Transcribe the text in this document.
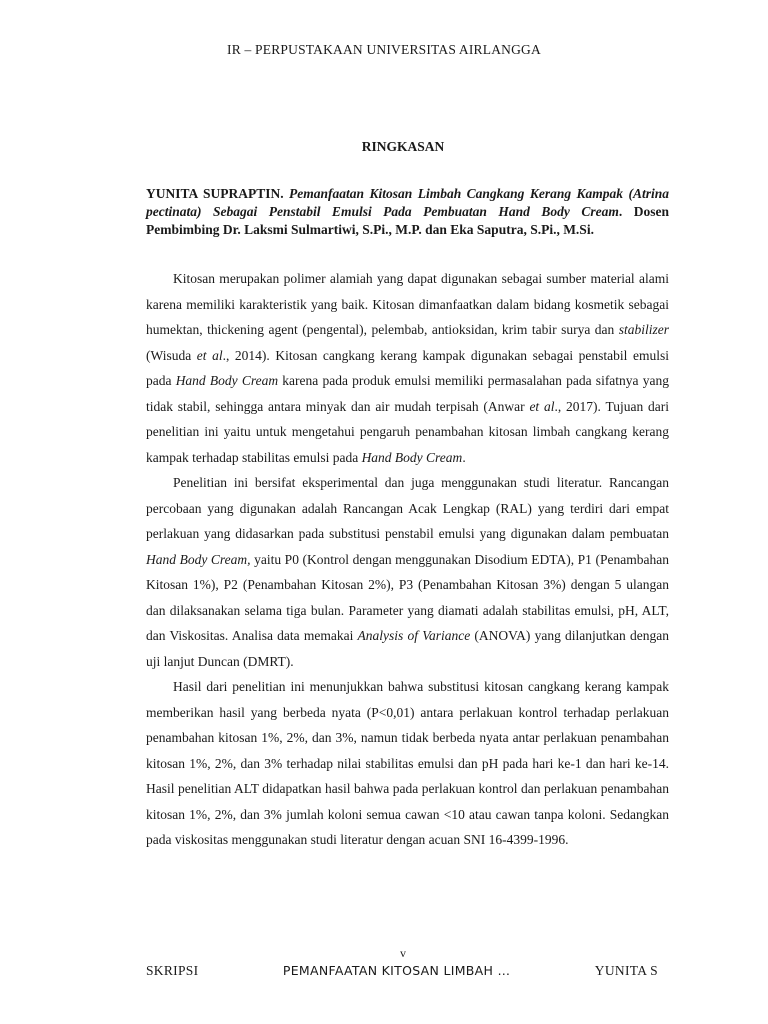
IR – PERPUSTAKAAN UNIVERSITAS AIRLANGGA
RINGKASAN
YUNITA SUPRAPTIN. Pemanfaatan Kitosan Limbah Cangkang Kerang Kampak (Atrina pectinata) Sebagai Penstabil Emulsi Pada Pembuatan Hand Body Cream. Dosen Pembimbing Dr. Laksmi Sulmartiwi, S.Pi., M.P. dan Eka Saputra, S.Pi., M.Si.

Kitosan merupakan polimer alamiah yang dapat digunakan sebagai sumber material alami karena memiliki karakteristik yang baik. Kitosan dimanfaatkan dalam bidang kosmetik sebagai humektan, thickening agent (pengental), pelembab, antioksidan, krim tabir surya dan stabilizer (Wisuda et al., 2014). Kitosan cangkang kerang kampak digunakan sebagai penstabil emulsi pada Hand Body Cream karena pada produk emulsi memiliki permasalahan pada sifatnya yang tidak stabil, sehingga antara minyak dan air mudah terpisah (Anwar et al., 2017). Tujuan dari penelitian ini yaitu untuk mengetahui pengaruh penambahan kitosan limbah cangkang kerang kampak terhadap stabilitas emulsi pada Hand Body Cream.

Penelitian ini bersifat eksperimental dan juga menggunakan studi literatur. Rancangan percobaan yang digunakan adalah Rancangan Acak Lengkap (RAL) yang terdiri dari empat perlakuan yang didasarkan pada substitusi penstabil emulsi yang digunakan dalam pembuatan Hand Body Cream, yaitu P0 (Kontrol dengan menggunakan Disodium EDTA), P1 (Penambahan Kitosan 1%), P2 (Penambahan Kitosan 2%), P3 (Penambahan Kitosan 3%) dengan 5 ulangan dan dilaksanakan selama tiga bulan. Parameter yang diamati adalah stabilitas emulsi, pH, ALT, dan Viskositas. Analisa data memakai Analysis of Variance (ANOVA) yang dilanjutkan dengan uji lanjut Duncan (DMRT).

Hasil dari penelitian ini menunjukkan bahwa substitusi kitosan cangkang kerang kampak memberikan hasil yang berbeda nyata (P<0,01) antara perlakuan kontrol terhadap perlakuan penambahan kitosan 1%, 2%, dan 3%, namun tidak berbeda nyata antar perlakuan penambahan kitosan 1%, 2%, dan 3% terhadap nilai stabilitas emulsi dan pH pada hari ke-1 dan hari ke-14. Hasil penelitian ALT didapatkan hasil bahwa pada perlakuan kontrol dan perlakuan penambahan kitosan 1%, 2%, dan 3% jumlah koloni semua cawan <10 atau cawan tanpa koloni. Sedangkan pada viskositas menggunakan studi literatur dengan acuan SNI 16-4399-1996.

v
SKRIPSI	PEMANFAATAN KITOSAN LIMBAH …	YUNITA S
